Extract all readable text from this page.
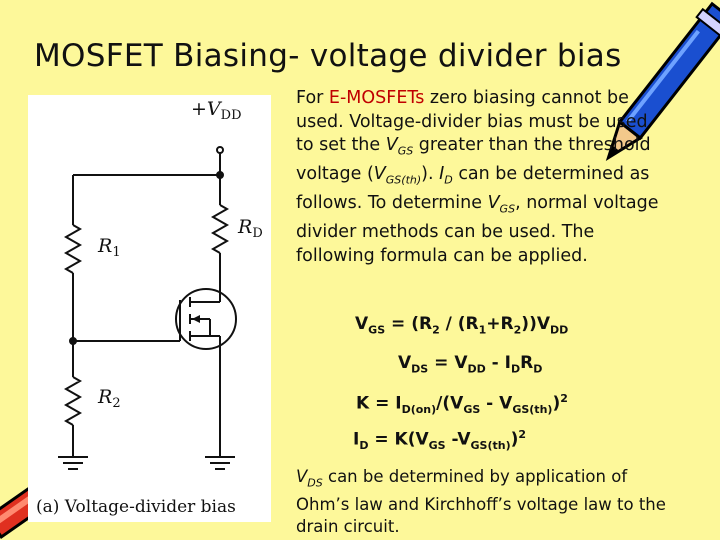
MOSFET Biasing- voltage divider bias
$+V_{DD}$
$R_D$
$R_1$
$R_2$
(a) Voltage-divider bias
For E-MOSFETs zero biasing cannot be used. Voltage-divider bias must be used to set the $V_{GS}$ greater than the threshold voltage $(V_{GS(th)})$. $I_D$ can be determined as follows. To determine $V_{GS}$, normal voltage divider methods can be used. The following formula can be applied.
$V_{GS} = (R_2 / (R_1+R_2))V_{DD}$
$V_{DS} = V_{DD} - I_DR_D$
$K = I_{D(on)}/(V_{GS} - V_{GS(th)})^2$
$I_D = K(V_{GS}$ $-V_{GS(th)})^2$
$V_{DS}$ can be determined by application of Ohm’s law and Kirchhoff’s voltage law to the drain circuit.
